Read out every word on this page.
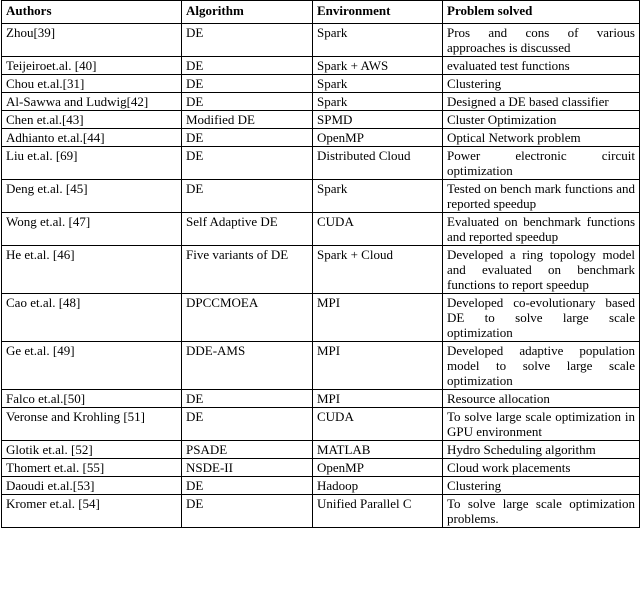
Authors	Algorithm	Environment	Problem solved
Zhou[39]	DE	Spark	Pros and cons of various approaches is discussed
Teijeiroet.al. [40]	DE	Spark + AWS	evaluated test functions
Chou et.al.[31]	DE	Spark	Clustering
Al-Sawwa and Ludwig[42]	DE	Spark	Designed a DE based classifier
Chen et.al.[43]	Modified DE	SPMD	Cluster Optimization
Adhianto et.al.[44]	DE	OpenMP	Optical Network problem
Liu et.al. [69]	DE	Distributed Cloud	Power electronic circuit optimization
Deng et.al. [45]	DE	Spark	Tested on bench mark functions and reported speedup
Wong et.al. [47]	Self Adaptive DE	CUDA	Evaluated on benchmark functions and reported speedup
He et.al. [46]	Five variants of DE	Spark + Cloud	Developed a ring topology model and evaluated on benchmark functions to report speedup
Cao et.al. [48]	DPCCMOEA	MPI	Developed co-evolutionary based DE to solve large scale optimization
Ge et.al. [49]	DDE-AMS	MPI	Developed adaptive population model to solve large scale optimization
Falco et.al.[50]	DE	MPI	Resource allocation
Veronse and Krohling [51]	DE	CUDA	To solve large scale optimization in GPU environment
Glotik et.al. [52]	PSADE	MATLAB	Hydro Scheduling algorithm
Thomert et.al. [55]	NSDE-II	OpenMP	Cloud work placements
Daoudi et.al.[53]	DE	Hadoop	Clustering
Kromer et.al. [54]	DE	Unified Parallel C	To solve large scale optimization problems.
